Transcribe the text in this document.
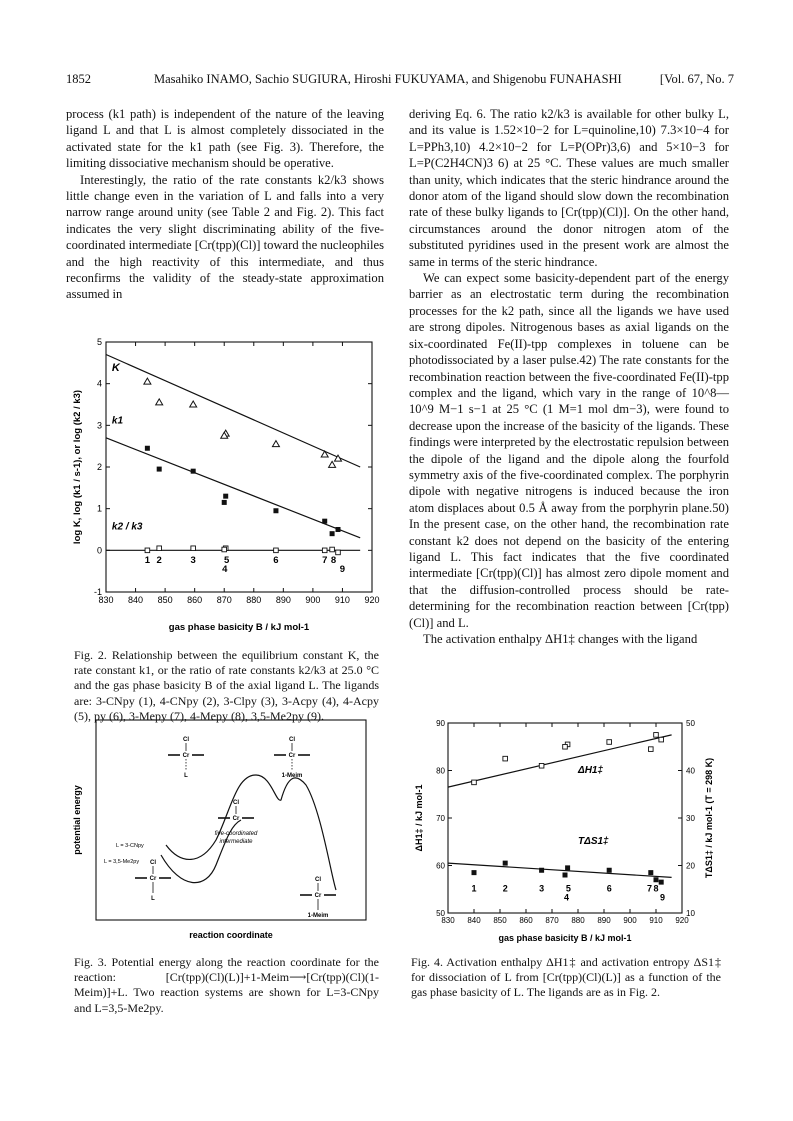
1852	Masahiko INAMO, Sachio SUGIURA, Hiroshi FUKUYAMA, and Shigenobu FUNAHASHI	[Vol. 67, No. 7

process (k1 path) is independent of the nature of the leaving ligand L and that L is almost completely dissociated in the activated state for the k1 path (see Fig. 3). Therefore, the limiting dissociative mechanism should be operative.

Interestingly, the ratio of the rate constants k2/k3 shows little change even in the variation of L and falls into a very narrow range around unity (see Table 2 and Fig. 2). This fact indicates the very slight discriminating ability of the five-coordinated intermediate [Cr(tpp)(Cl)] toward the nucleophiles and the high reactivity of this intermediate, and thus reconfirms the validity of the steady-state approximation assumed in

deriving Eq. 6. The ratio k2/k3 is available for other bulky L, and its value is 1.52×10−2 for L=quinoline,10) 7.3×10−4 for L=PPh3,10) 4.2×10−2 for L=P(OPr)3,6) and 5×10−3 for L=P(C2H4CN)3 6) at 25 °C. These values are much smaller than unity, which indicates that the steric hindrance around the donor atom of the ligand should slow down the recombination rate of these bulky ligands to [Cr(tpp)(Cl)]. On the other hand, circumstances around the donor nitrogen atom of the substituted pyridines used in the present work are almost the same in terms of the steric hindrance.

We can expect some basicity-dependent part of the energy barrier as an electrostatic term during the recombination processes for the k2 path, since all the ligands we have used are strong dipoles. Nitrogenous bases as axial ligands on the six-coordinated Fe(II)-tpp complexes in toluene can be photodissociated by a laser pulse.42) The rate constants for the recombination reaction between the five-coordinated Fe(II)-tpp complex and the ligand, which vary in the range of 10^8—10^9 M−1 s−1 at 25 °C (1 M=1 mol dm−3), were found to decrease upon the increase of the basicity of the ligands. These findings were interpreted by the electrostatic repulsion between the dipole of the ligand and the dipole along the fourfold symmetry axis of the five-coordinated complex. The porphyrin dipole with negative nitrogens is induced because the iron atom displaces about 0.5 Å away from the porphyrin plane.50) In the present case, on the other hand, the recombination rate constant k2 does not depend on the basicity of the entering ligand L. This fact indicates that the five coordinated intermediate [Cr(tpp)(Cl)] has almost zero dipole moment and that the diffusion-controlled process should be rate-determining for the recombination reaction between [Cr(tpp)(Cl)] and L.

The activation enthalpy ΔH1‡ changes with the ligand

830 840 850 860 870 880 890 900 910 920
-1
0
1
2
3
4
5
gas phase basicity B / kJ mol-1
log K, log (k1 / s-1), or log (k2 / k3)
K
k1
k2 / k3
1 2	3	5
4
6	7 8
9

Fig. 2. Relationship between the equilibrium constant K, the rate constant k1, or the ratio of rate constants k2/k3 at 25.0 °C and the gas phase basicity B of the axial ligand L. The ligands are: 3-CNpy (1), 4-CNpy (2), 3-Clpy (3), 3-Acpy (4), 4-Acpy (5), py (6), 3-Mepy (7), 4-Mepy (8), 3,5-Me2py (9).

potential energy
reaction coordinate
Cl
Cr
L
Cl
Cr
1-Meim
Cl
Cr
five-coordinated
intermediate
L = 3-CNpy
L = 3,5-Me2py Cl
Cr
L
Cl
Cr
1-Meim

Fig. 3. Potential energy along the reaction coordinate for the reaction: [Cr(tpp)(Cl)(L)]+1-Meim⟶[Cr(tpp)(Cl)(1-Meim)]+L. Two reaction systems are shown for L=3-CNpy and L=3,5-Me2py.

830 840 850 860 870 880 890 900 910 920
50
60
70
80
90
10
20
30
40
50
gas phase basicity B / kJ mol-1
ΔH1‡ / kJ mol-1	TΔS1‡ / kJ mol-1 (T = 298 K)
ΔH1‡
TΔS1‡
1	2	3 5
4
6	7 8
9

Fig. 4. Activation enthalpy ΔH1‡ and activation entropy ΔS1‡ for dissociation of L from [Cr(tpp)(Cl)(L)] as a function of the gas phase basicity of L. The ligands are as in Fig. 2.
